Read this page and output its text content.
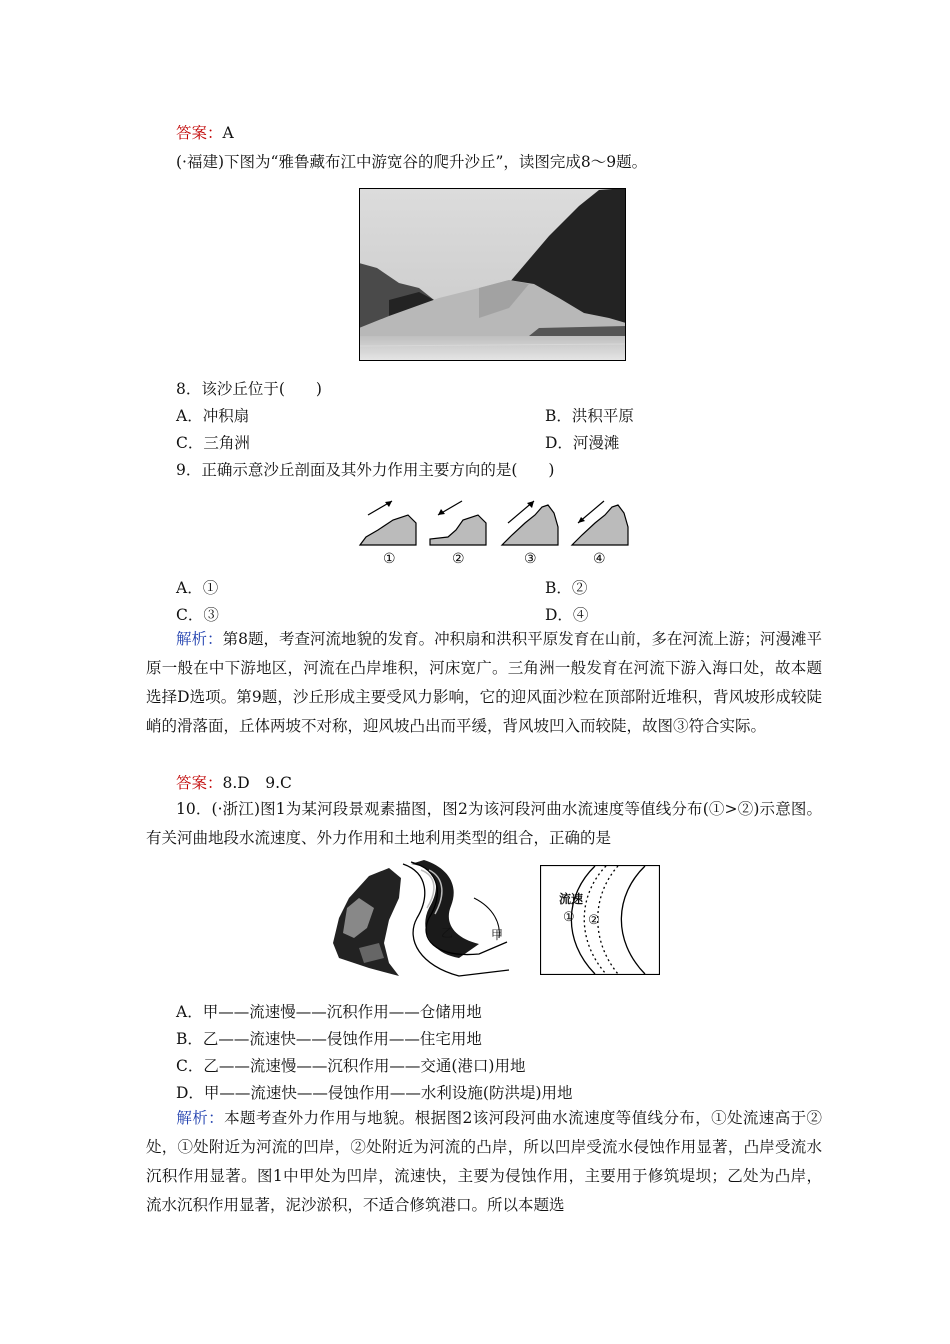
答案：A
(·福建)下图为“雅鲁藏布江中游宽谷的爬升沙丘”，读图完成8～9题。
8．该沙丘位于(　　)
A．冲积扇	B．洪积平原
C．三角洲	D．河漫滩
9．正确示意沙丘剖面及其外力作用主要方向的是(　　)
①	②	③	④
A．①	B．②
C．③	D．④
解析：第8题，考查河流地貌的发育。冲积扇和洪积平原发育在山前，多在河流上游；河漫滩平原一般在中下游地区，河流在凸岸堆积，河床宽广。三角洲一般发育在河流下游入海口处，故本题选择D选项。第9题，沙丘形成主要受风力影响，它的迎风面沙粒在顶部附近堆积，背风坡形成较陡峭的滑落面，丘体两坡不对称，迎风坡凸出而平缓，背风坡凹入而较陡，故图③符合实际。
答案：8.D　9.C
10．(·浙江)图1为某河段景观素描图，图2为该河段河曲水流速度等值线分布(①>②)示意图。有关河曲地段水流速度、外力作用和土地利用类型的组合，正确的是
乙	甲
流速
① ②
A．甲——流速慢——沉积作用——仓储用地
B．乙——流速快——侵蚀作用——住宅用地
C．乙——流速慢——沉积作用——交通(港口)用地
D．甲——流速快——侵蚀作用——水利设施(防洪堤)用地
解析：本题考查外力作用与地貌。根据图2该河段河曲水流速度等值线分布，①处流速高于②处，①处附近为河流的凹岸，②处附近为河流的凸岸，所以凹岸受流水侵蚀作用显著，凸岸受流水沉积作用显著。图1中甲处为凹岸，流速快，主要为侵蚀作用，主要用于修筑堤坝；乙处为凸岸，流水沉积作用显著，泥沙淤积，不适合修筑港口。所以本题选
